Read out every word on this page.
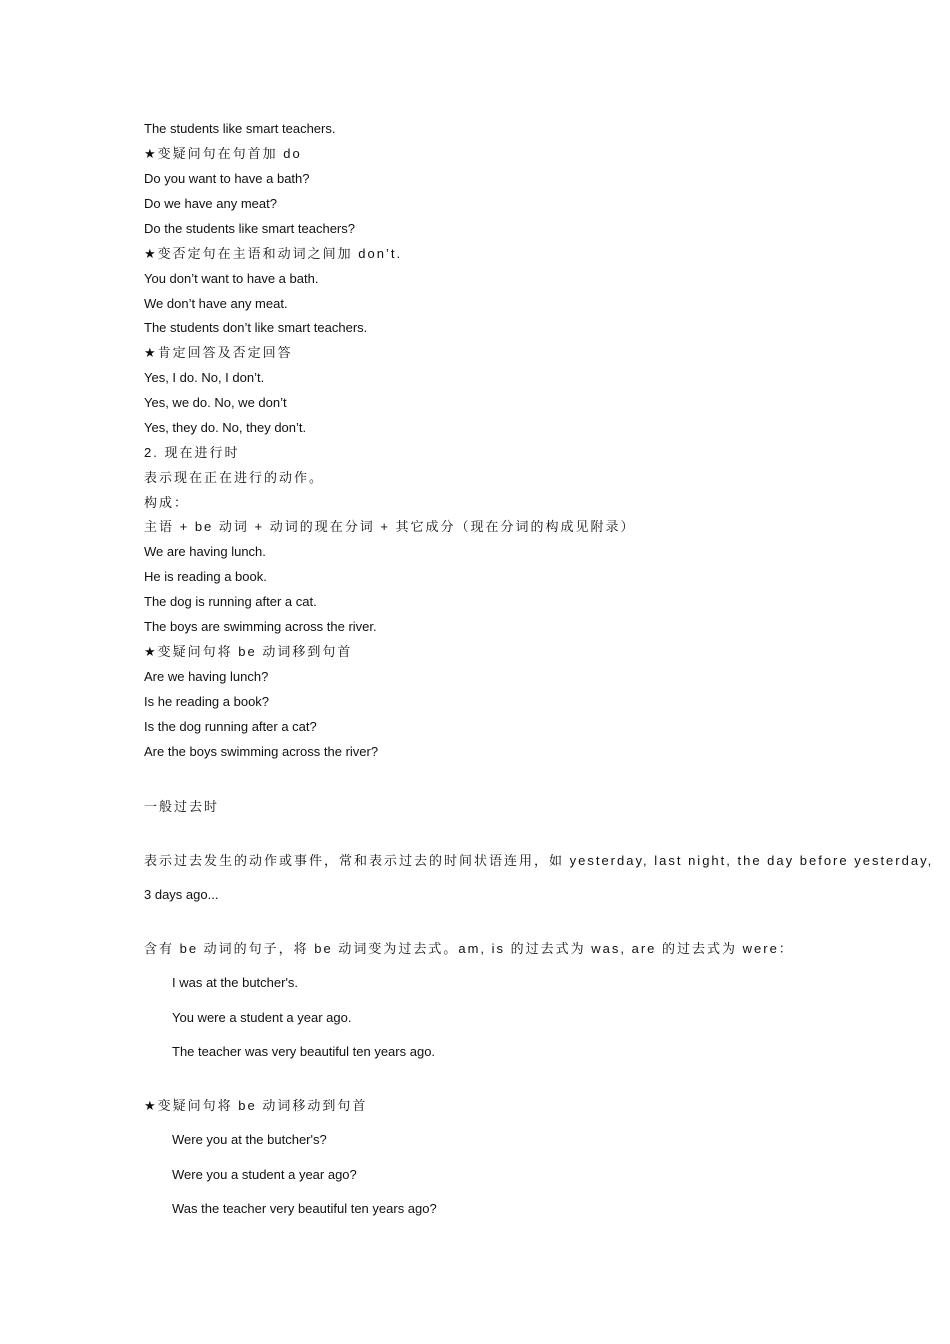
The students like smart teachers.
★变疑问句在句首加 do
Do you want to have a bath?
Do we have any meat?
Do the students like smart teachers?
★变否定句在主语和动词之间加 don’t.
You don’t want to have a bath.
We don’t have any meat.
The students don’t like smart teachers.
★肯定回答及否定回答
Yes, I do. No, I don’t.
Yes, we do. No, we don’t
Yes, they do. No, they don’t.
2. 现在进行时
表示现在正在进行的动作。
构成：
主语 + be 动词 + 动词的现在分词 + 其它成分（现在分词的构成见附录）
We are having lunch.
He is reading a book.
The dog is running after a cat.
The boys are swimming across the river.
★变疑问句将 be 动词移到句首
Are we having lunch?
Is he reading a book?
Is the dog running after a cat?
Are the boys swimming across the river?
一般过去时
表示过去发生的动作或事件，常和表示过去的时间状语连用，如 yesterday, last night, the day before yesterday,
3 days ago...
含有 be 动词的句子，将 be 动词变为过去式。am, is 的过去式为 was, are 的过去式为 were：
I was at the butcher's.
You were a student a year ago.
The teacher was very beautiful ten years ago.
★变疑问句将 be 动词移动到句首
Were you at the butcher's?
Were you a student a year ago?
Was the teacher very beautiful ten years ago?
